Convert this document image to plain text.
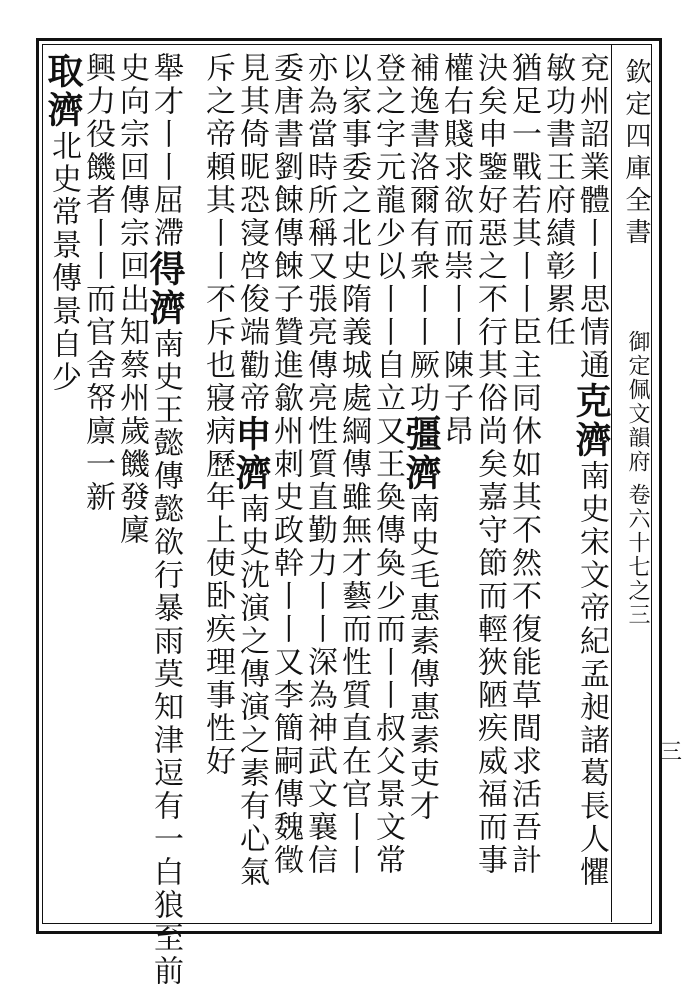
欽定四庫全書
御定佩文韻府 卷六十七之三
三
兗州詔業體丨丨思情通克濟南史宋文帝紀孟昶諸葛長人懼
敏功書王府績彰累任
猶足一戰若其丨丨臣主同休如其不然不復能草間求活吾計
決矣申鑒好惡之不行其俗尚矣嘉守節而輕狹陋疾威福而事
權右賤求欲而崇丨丨陳子昂
補逸書洛爾有衆丨丨厥功彊濟南史毛惠素傳惠素吏才
登之字元龍少以丨丨自立又王奐傳奐少而丨丨叔父景文常
以家事委之北史隋義城處綱傳雖無才藝而性質直在官丨丨
亦為當時所稱又張亮傳亮性質直勤力丨丨深為神武文襄信
委唐書劉餗傳餗子贊進歙州刺史政幹丨丨又李簡嗣傳魏徵
見其倚昵恐寖啓俊端勸帝申濟南史沈演之傳演之素有心氣
斥之帝頼其丨丨不斥也寢病歷年上使卧疾理事性好
舉才丨丨屈滯得濟南史王懿傳懿欲行暴雨莫知津逗有一白狼至前
史向宗回傳宗回出知蔡州歲饑發廩
興力役饑者丨丨而官舍帑廪一新
取濟北史常景傳景自少
